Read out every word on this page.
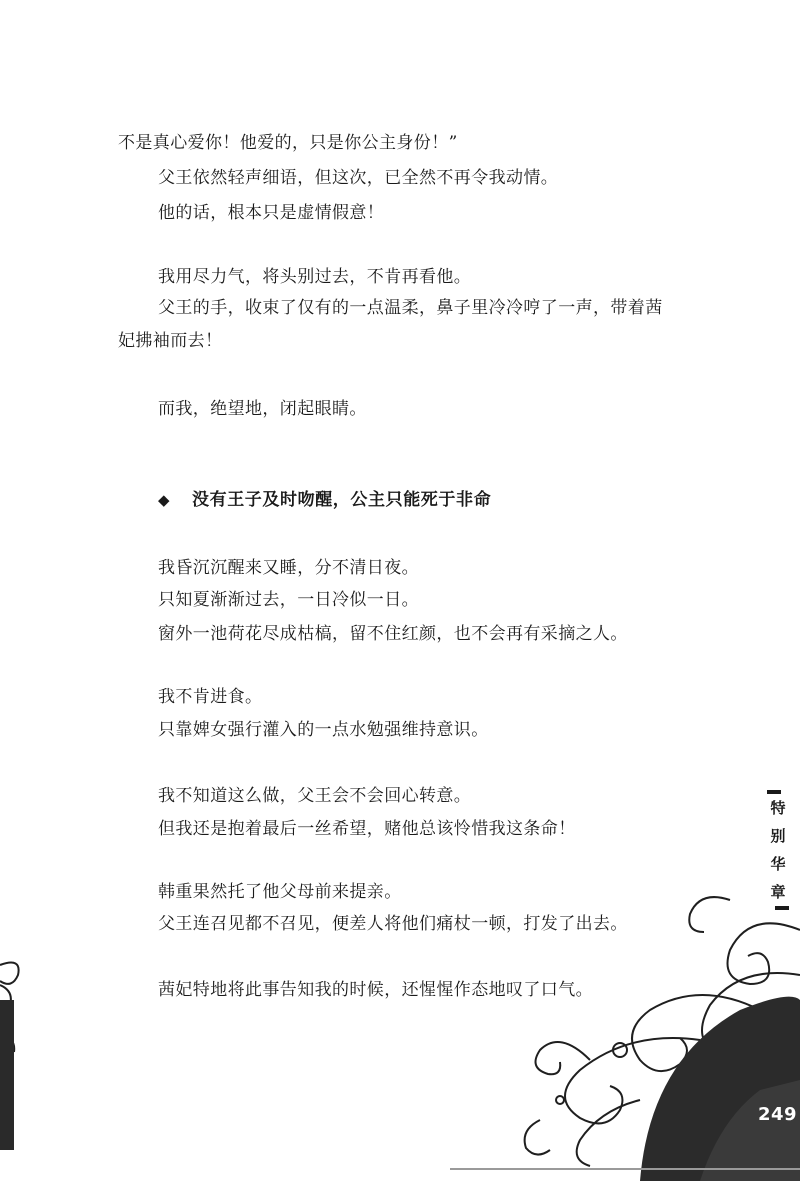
不是真心爱你！他爱的，只是你公主身份！”
父王依然轻声细语，但这次，已全然不再令我动情。
他的话，根本只是虚情假意！
我用尽力气，将头别过去，不肯再看他。
父王的手，收束了仅有的一点温柔，鼻子里冷冷哼了一声，带着茜
妃拂袖而去！
而我，绝望地，闭起眼睛。
◆ 没有王子及时吻醒，公主只能死于非命
我昏沉沉醒来又睡，分不清日夜。
只知夏渐渐过去，一日冷似一日。
窗外一池荷花尽成枯槁，留不住红颜，也不会再有采摘之人。
我不肯进食。
只靠婢女强行灌入的一点水勉强维持意识。
我不知道这么做，父王会不会回心转意。
但我还是抱着最后一丝希望，赌他总该怜惜我这条命！
韩重果然托了他父母前来提亲。
父王连召见都不召见，便差人将他们痛杖一顿，打发了出去。
茜妃特地将此事告知我的时候，还惺惺作态地叹了口气。
特
别
华
章
249
